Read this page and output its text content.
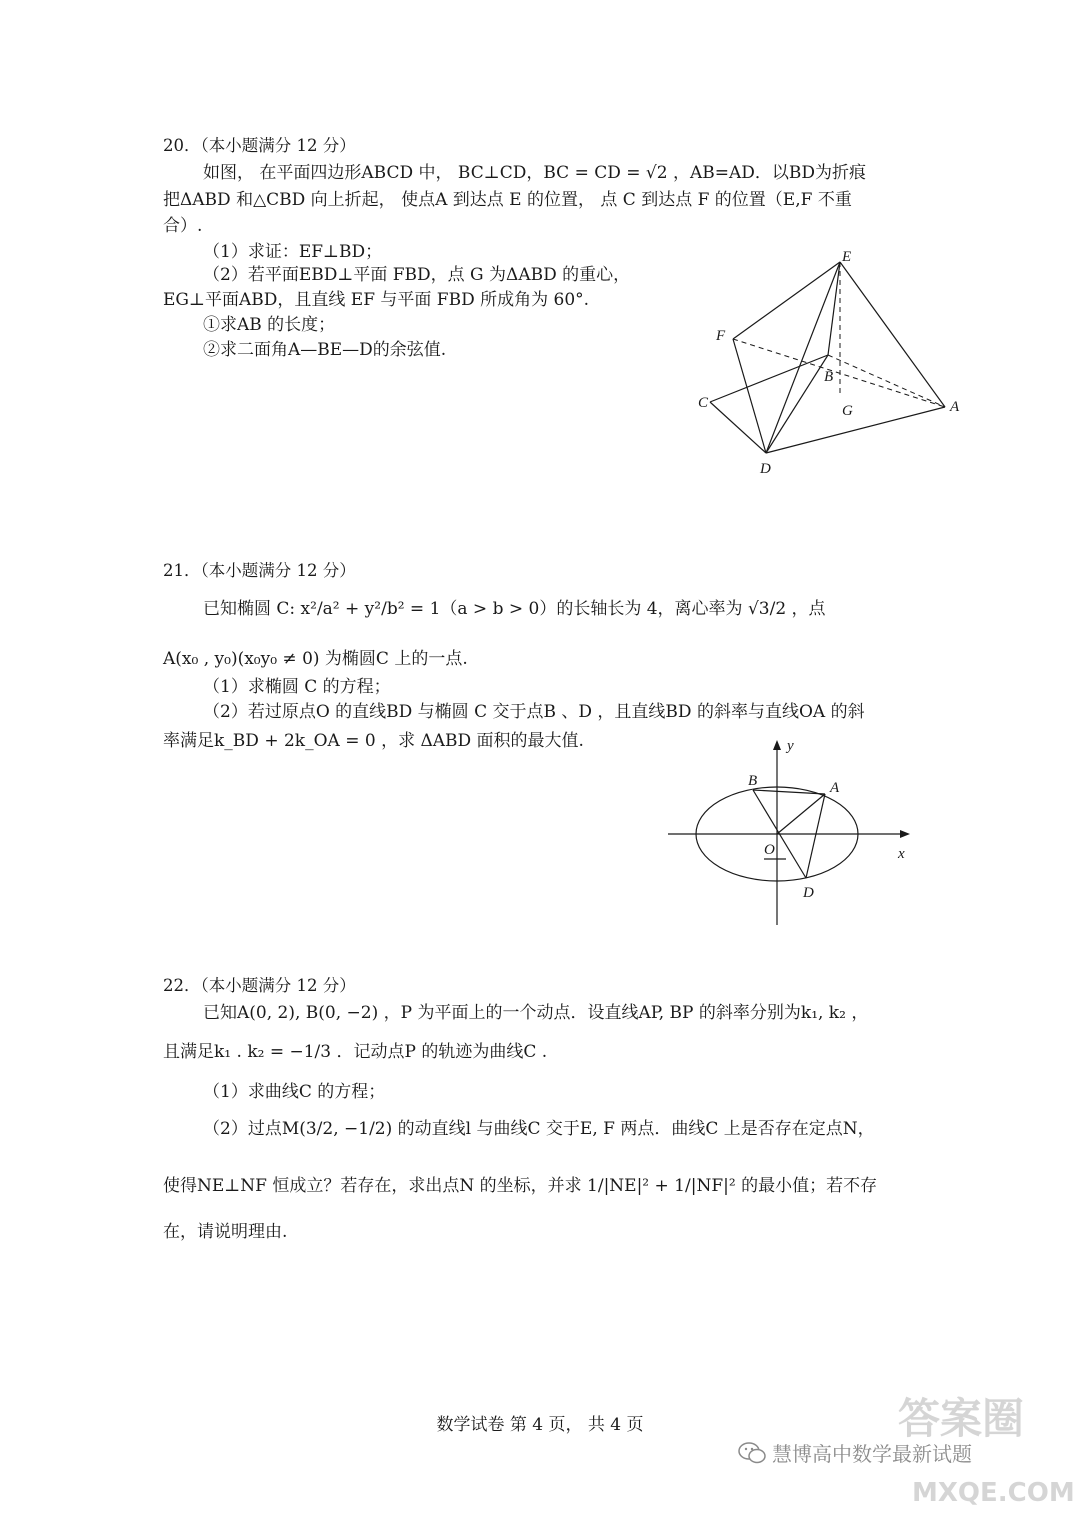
20．（本小题满分 12 分）
如图， 在平面四边形ABCD 中， BC⊥CD，BC = CD = √2 ，AB=AD．以BD为折痕
把ΔABD 和△CBD 向上折起， 使点A 到达点 E 的位置， 点 C 到达点 F 的位置（E,F 不重
合）.
（1）求证：EF⊥BD；
（2）若平面EBD⊥平面 FBD，点 G 为ΔABD 的重心，
EG⊥平面ABD，且直线 EF 与平面 FBD 所成角为 60°.
①求AB 的长度；
②求二面角A—BE—D的余弦值.
E
F
B
C	G	A
D
21．（本小题满分 12 分）
已知椭圆 C: x²/a² + y²/b² = 1（a > b > 0）的长轴长为 4，离心率为 √3/2 ，点
A(x₀ , y₀)(x₀y₀ ≠ 0) 为椭圆C 上的一点.
（1）求椭圆 C 的方程；
（2）若过原点O 的直线BD 与椭圆 C 交于点B 、D ，且直线BD 的斜率与直线OA 的斜
率满足k_BD + 2k_OA = 0 ，求 ΔABD 面积的最大值.	y
B	A
O	x
D
22．（本小题满分 12 分）
已知A(0, 2), B(0, −2) ，P 为平面上的一个动点．设直线AP, BP 的斜率分别为k₁, k₂ ，
且满足k₁ . k₂ = −1/3 ．记动点P 的轨迹为曲线C .
（1）求曲线C 的方程；
（2）过点M(3/2, −1/2) 的动直线l 与曲线C 交于E, F 两点．曲线C 上是否存在定点N，
使得NE⊥NF 恒成立？若存在，求出点N 的坐标，并求 1/|NE|² + 1/|NF|² 的最小值；若不存
在，请说明理由.
数学试卷 第 4 页， 共 4 页
慧博高中数学最新试题
答案圈
MXQE.COM
